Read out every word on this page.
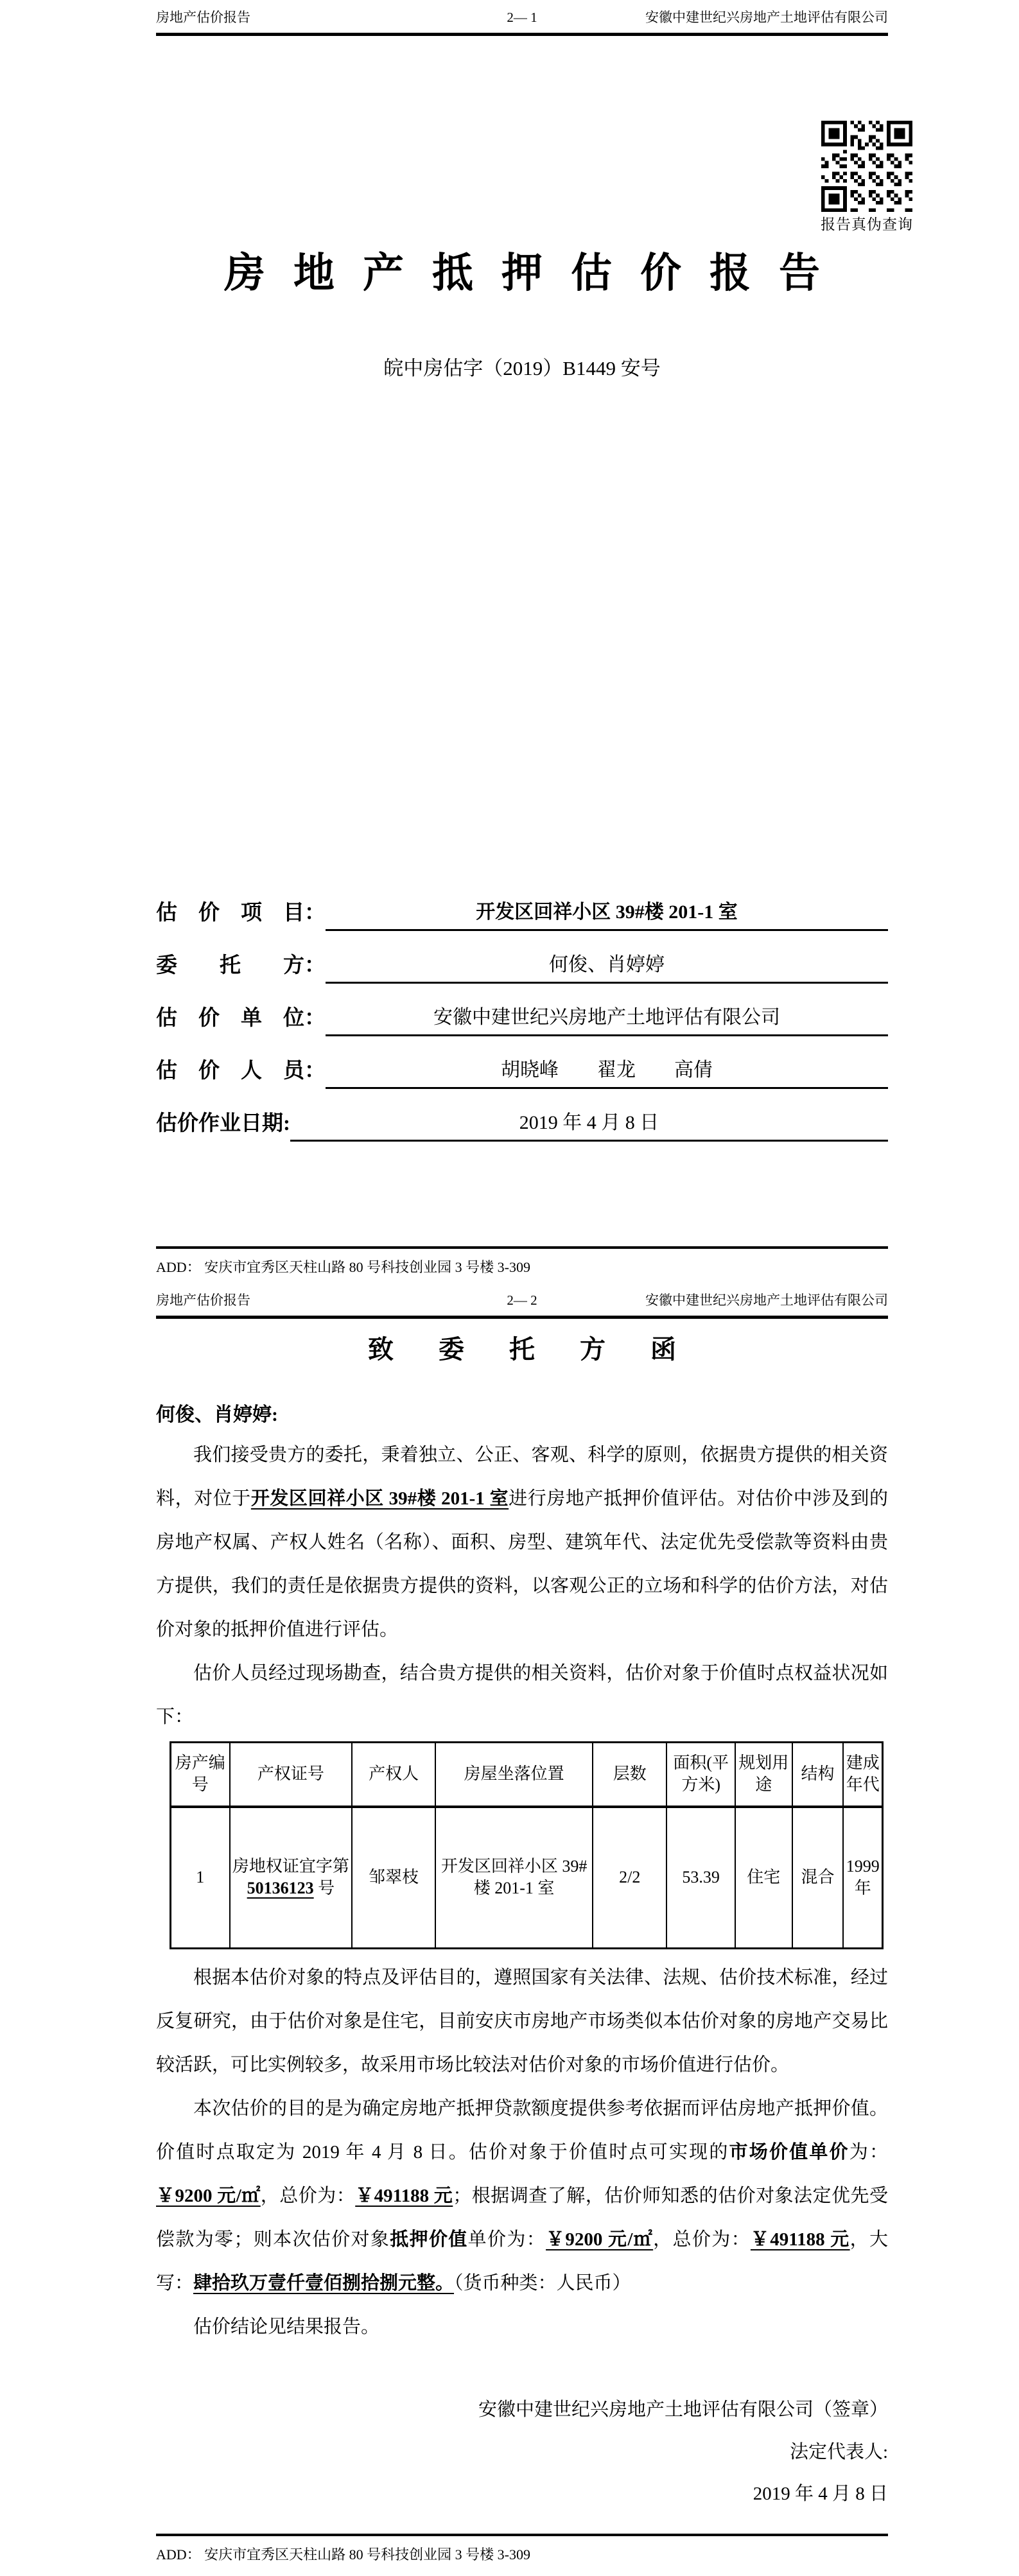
房地产估价报告	2— 1	安徽中建世纪兴房地产土地评估有限公司
报告真伪查询
房地产抵押估价报告
皖中房估字（2019）B1449 安号
估　价　项　目：	开发区回祥小区 39#楼 201-1 室
委　　托　　方：	何俊、肖婷婷
估　价　单　位：	安徽中建世纪兴房地产土地评估有限公司
估　价　人　员：	胡晓峰　　翟龙　　高倩
估价作业日期:	2019 年 4 月 8 日
ADD： 安庆市宜秀区天柱山路 80 号科技创业园 3 号楼 3-309
房地产估价报告	2— 2	安徽中建世纪兴房地产土地评估有限公司
致 委 托 方 函
何俊、肖婷婷:

我们接受贵方的委托，秉着独立、公正、客观、科学的原则，依据贵方提供的相关资料，对位于开发区回祥小区 39#楼 201-1 室进行房地产抵押价值评估。对估价中涉及到的房地产权属、产权人姓名（名称）、面积、房型、建筑年代、法定优先受偿款等资料由贵方提供，我们的责任是依据贵方提供的资料，以客观公正的立场和科学的估价方法，对估价对象的抵押价值进行评估。

估价人员经过现场勘查，结合贵方提供的相关资料，估价对象于价值时点权益状况如下：

房产编号	产权证号	产权人	房屋坐落位置	层数	面积(平方米)	规划用途	结构	建成年代
1	房地权证宜字第 50136123 号	邹翠枝	开发区回祥小区 39#楼 201-1 室	2/2	53.39	住宅	混合	1999 年

根据本估价对象的特点及评估目的，遵照国家有关法律、法规、估价技术标准，经过反复研究，由于估价对象是住宅，目前安庆市房地产市场类似本估价对象的房地产交易比较活跃，可比实例较多，故采用市场比较法对估价对象的市场价值进行估价。

本次估价的目的是为确定房地产抵押贷款额度提供参考依据而评估房地产抵押价值。价值时点取定为 2019 年 4 月 8 日。估价对象于价值时点可实现的市场价值单价为：￥9200 元/㎡，总价为：￥491188 元；根据调查了解，估价师知悉的估价对象法定优先受偿款为零；则本次估价对象抵押价值单价为：￥9200 元/㎡，总价为：￥491188 元，大写：肆拾玖万壹仟壹佰捌拾捌元整。（货币种类：人民币）

估价结论见结果报告。

安徽中建世纪兴房地产土地评估有限公司（签章）
法定代表人:
2019 年 4 月 8 日
ADD： 安庆市宜秀区天柱山路 80 号科技创业园 3 号楼 3-309
